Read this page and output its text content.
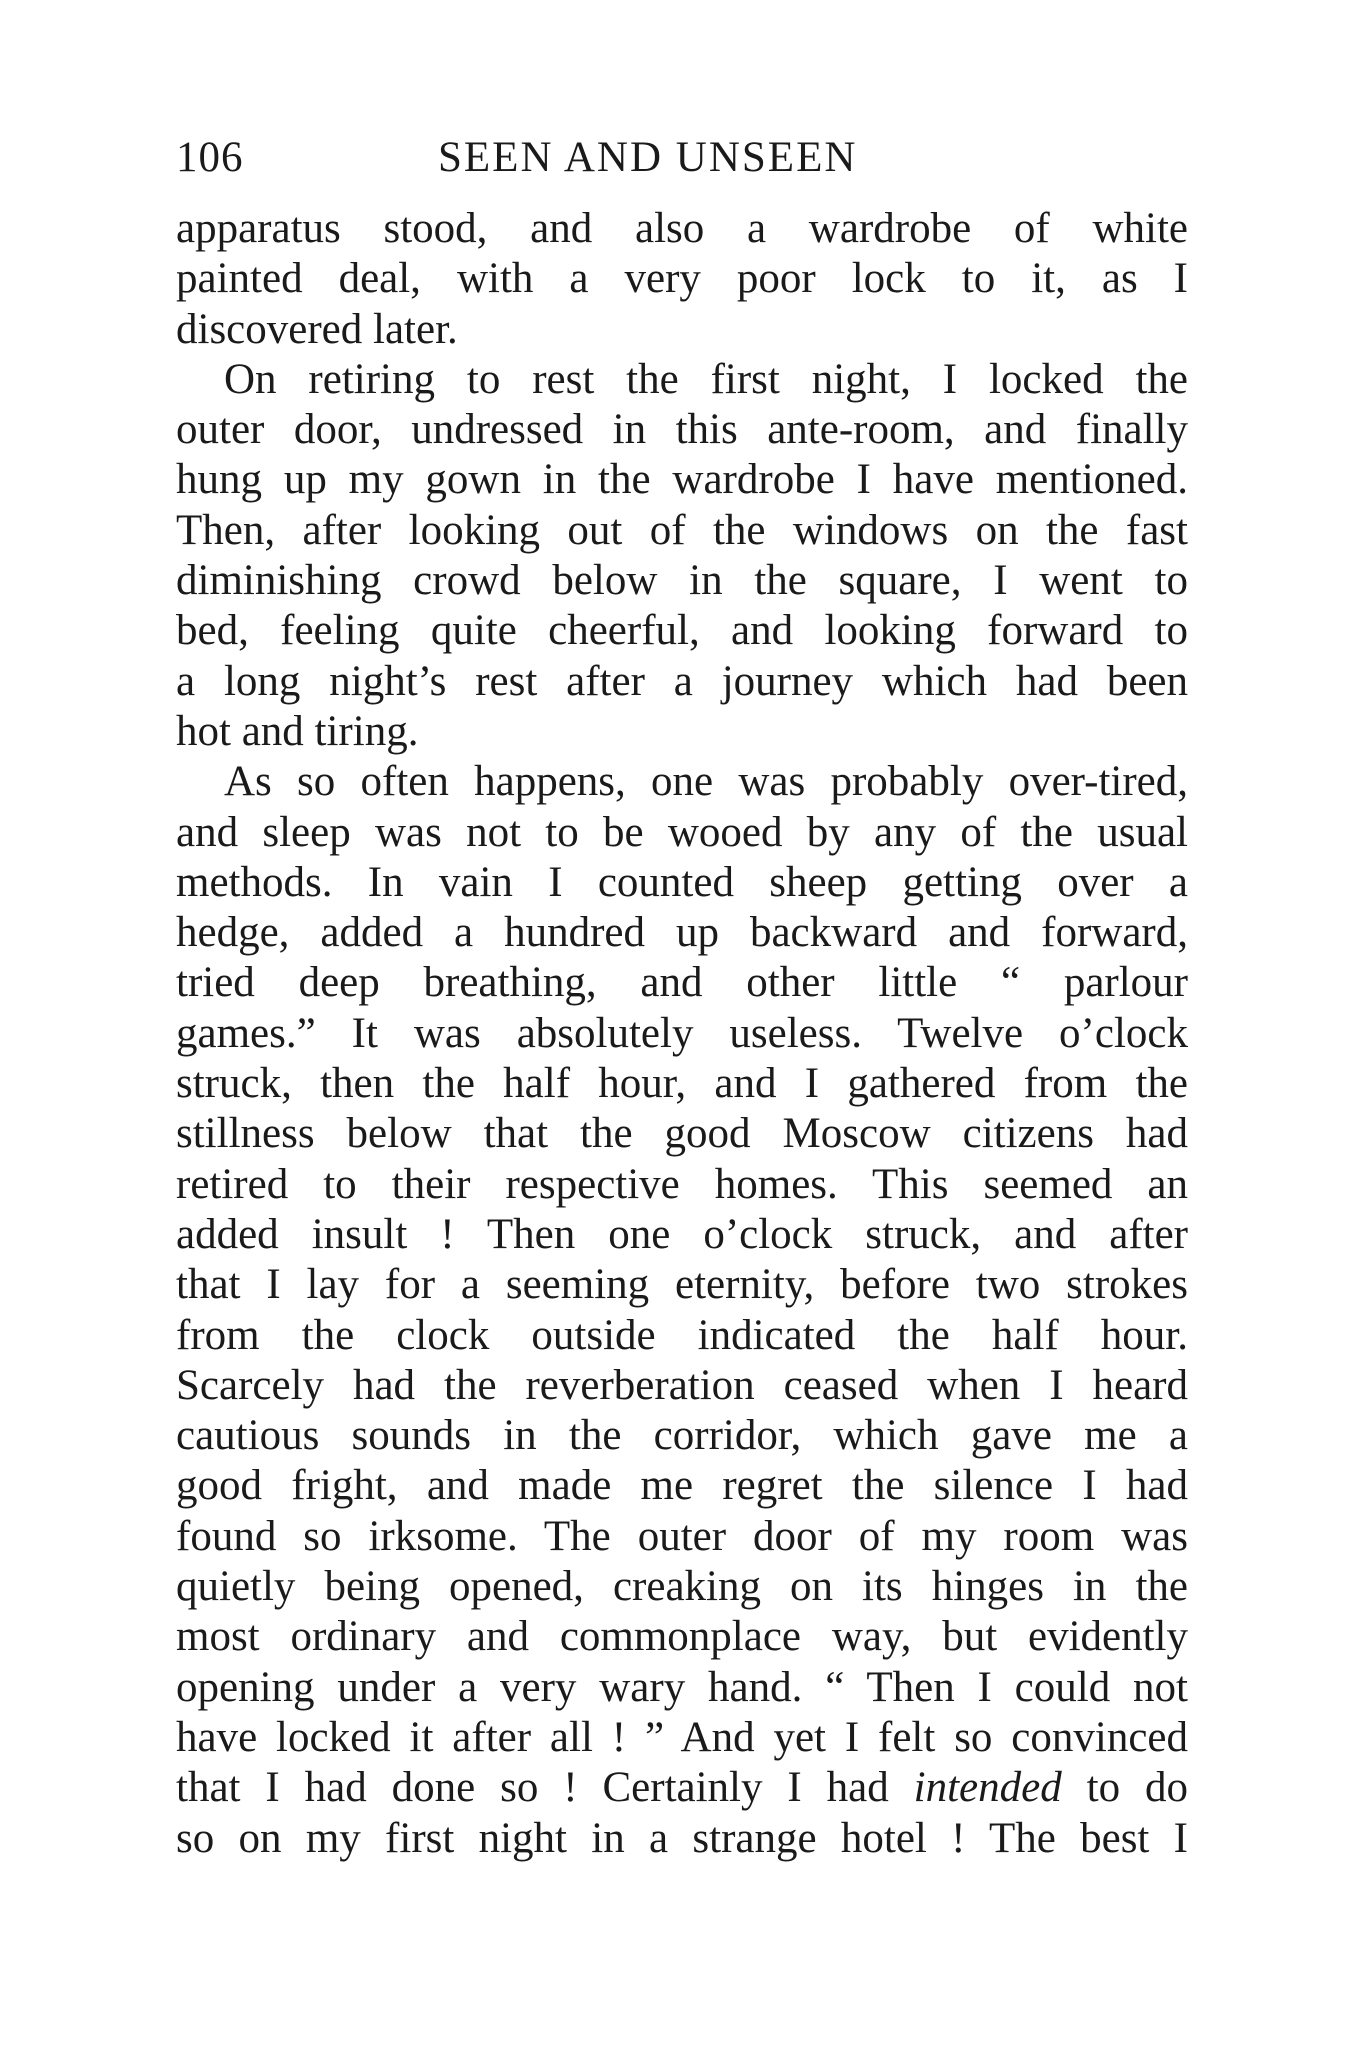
106	SEEN AND UNSEEN
apparatus stood, and also a wardrobe of white
painted deal, with a very poor lock to it, as I
discovered later.
On retiring to rest the first night, I locked the
outer door, undressed in this ante-room, and finally
hung up my gown in the wardrobe I have mentioned.
Then, after looking out of the windows on the fast
diminishing crowd below in the square, I went to
bed, feeling quite cheerful, and looking forward to
a long night’s rest after a journey which had been
hot and tiring.
As so often happens, one was probably over-tired,
and sleep was not to be wooed by any of the usual
methods. In vain I counted sheep getting over a
hedge, added a hundred up backward and forward,
tried deep breathing, and other little “ parlour
games.” It was absolutely useless. Twelve o’clock
struck, then the half hour, and I gathered from the
stillness below that the good Moscow citizens had
retired to their respective homes. This seemed an
added insult ! Then one o’clock struck, and after
that I lay for a seeming eternity, before two strokes
from the clock outside indicated the half hour.
Scarcely had the reverberation ceased when I heard
cautious sounds in the corridor, which gave me a
good fright, and made me regret the silence I had
found so irksome. The outer door of my room was
quietly being opened, creaking on its hinges in the
most ordinary and commonplace way, but evidently
opening under a very wary hand. “ Then I could not
have locked it after all ! ” And yet I felt so convinced
that I had done so ! Certainly I had intended to do
so on my first night in a strange hotel ! The best I
